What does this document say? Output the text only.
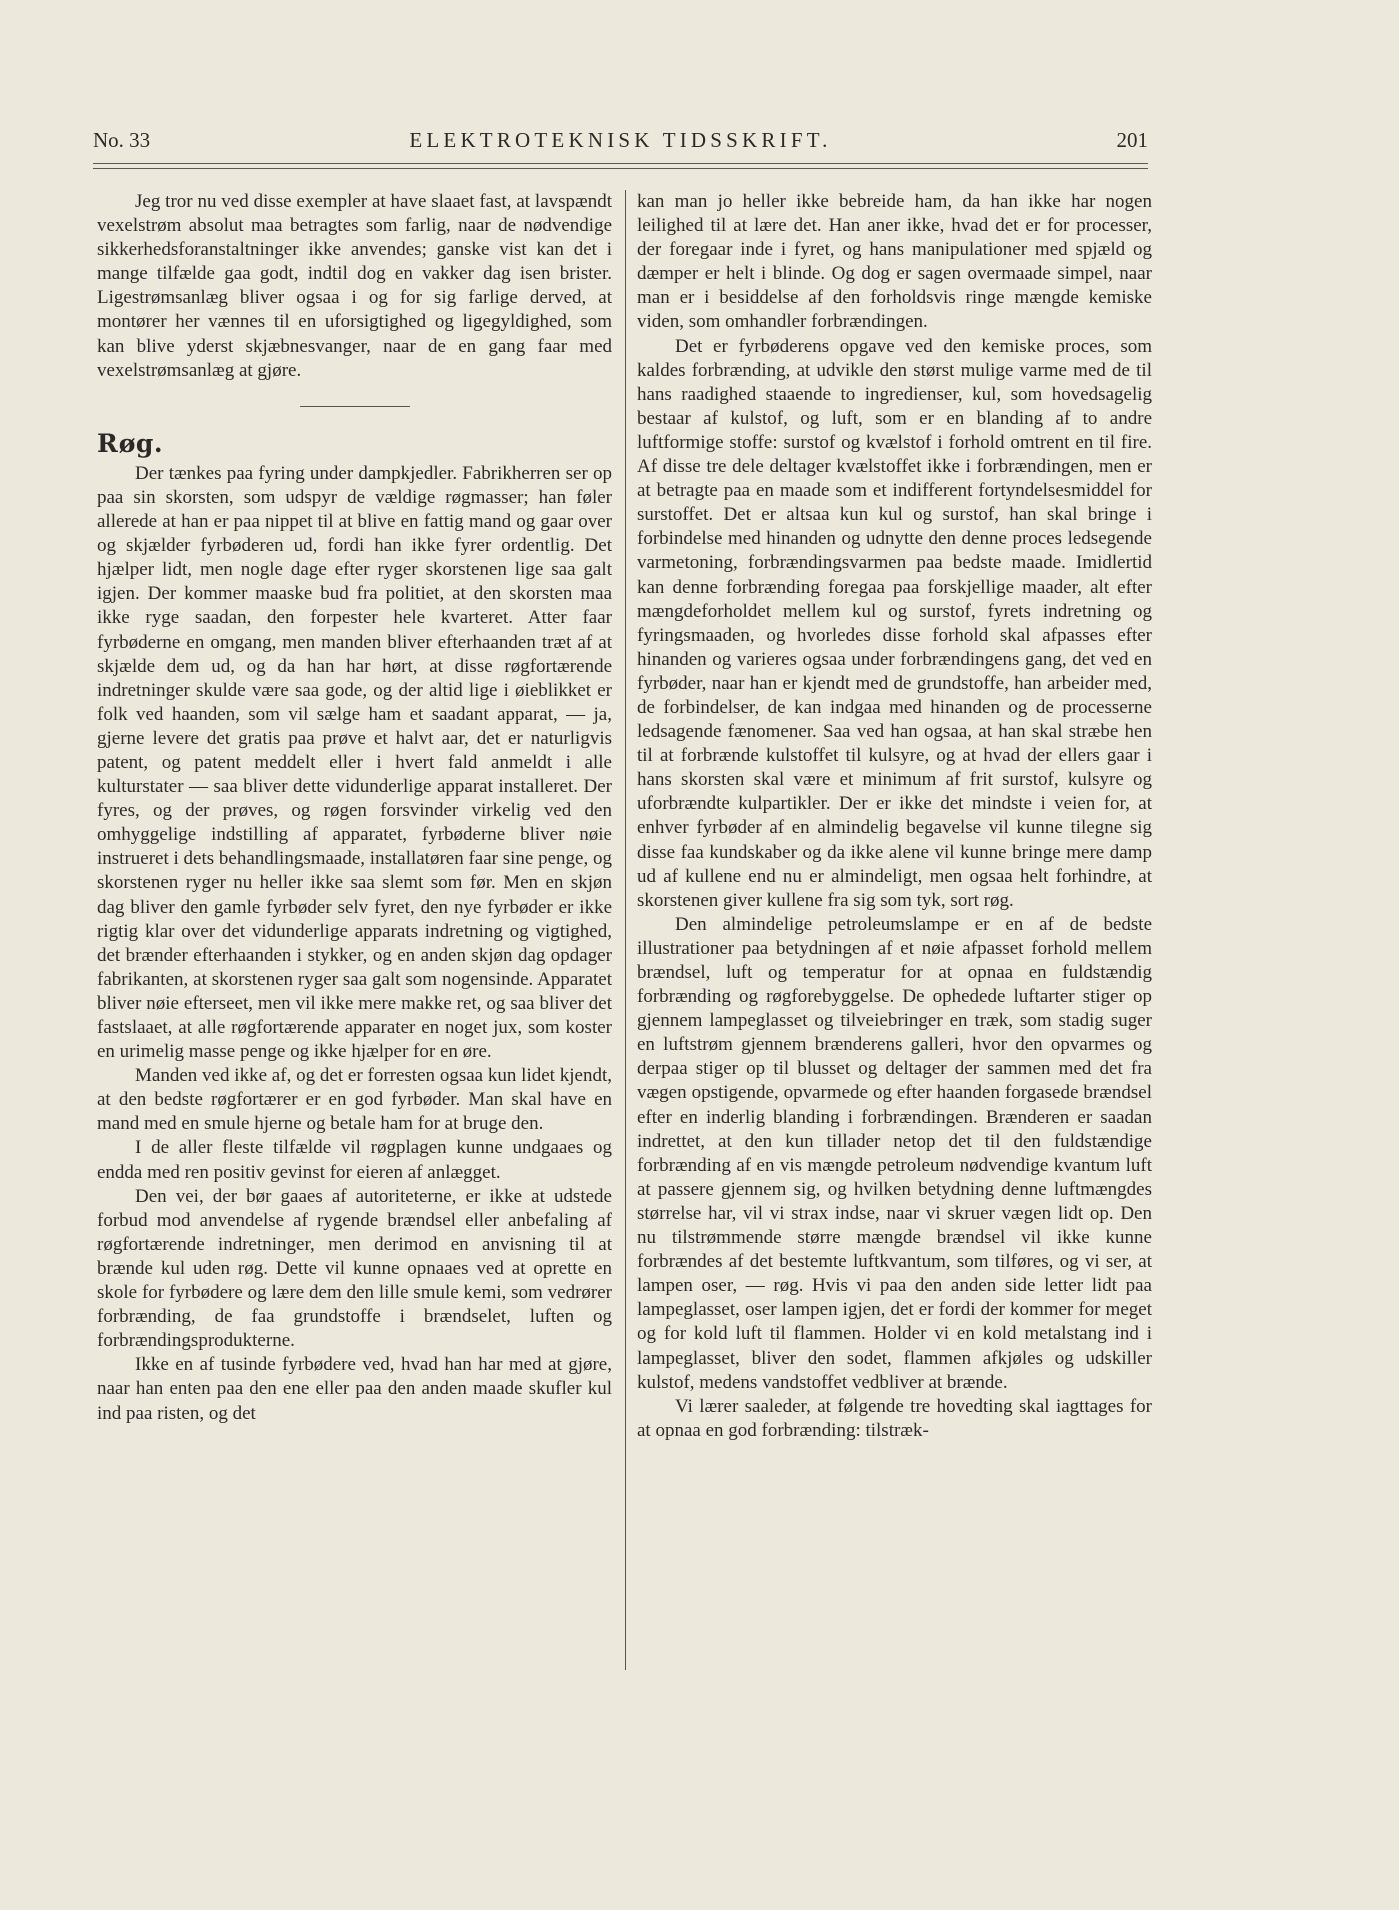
No. 33	ELEKTROTEKNISK TIDSSKRIFT.	201

Jeg tror nu ved disse exempler at have slaaet fast, at lavspændt vexelstrøm absolut maa betragtes som farlig, naar de nødvendige sikkerhedsforanstaltninger ikke anvendes; ganske vist kan det i mange tilfælde gaa godt, indtil dog en vakker dag isen brister. Ligestrømsanlæg bliver ogsaa i og for sig farlige derved, at montører her vænnes til en uforsigtighed og ligegyldighed, som kan blive yderst skjæbnesvanger, naar de en gang faar med vexelstrømsanlæg at gjøre.

Røg.

Der tænkes paa fyring under dampkjedler. Fabrikherren ser op paa sin skorsten, som udspyr de vældige røgmasser; han føler allerede at han er paa nippet til at blive en fattig mand og gaar over og skjælder fyrbøderen ud, fordi han ikke fyrer ordentlig. Det hjælper lidt, men nogle dage efter ryger skorstenen lige saa galt igjen. Der kommer maaske bud fra politiet, at den skorsten maa ikke ryge saadan, den forpester hele kvarteret. Atter faar fyrbøderne en omgang, men manden bliver efterhaanden træt af at skjælde dem ud, og da han har hørt, at disse røgfortærende indretninger skulde være saa gode, og der altid lige i øieblikket er folk ved haanden, som vil sælge ham et saadant apparat, — ja, gjerne levere det gratis paa prøve et halvt aar, det er naturligvis patent, og patent meddelt eller i hvert fald anmeldt i alle kulturstater — saa bliver dette vidunderlige apparat installeret. Der fyres, og der prøves, og røgen forsvinder virkelig ved den omhyggelige indstilling af apparatet, fyrbøderne bliver nøie instrueret i dets behandlingsmaade, installatøren faar sine penge, og skorstenen ryger nu heller ikke saa slemt som før. Men en skjøn dag bliver den gamle fyrbøder selv fyret, den nye fyrbøder er ikke rigtig klar over det vidunderlige apparats indretning og vigtighed, det brænder efterhaanden i stykker, og en anden skjøn dag opdager fabrikanten, at skorstenen ryger saa galt som nogensinde. Apparatet bliver nøie efterseet, men vil ikke mere makke ret, og saa bliver det fastslaaet, at alle røgfortærende apparater en noget jux, som koster en urimelig masse penge og ikke hjælper for en øre.

Manden ved ikke af, og det er forresten ogsaa kun lidet kjendt, at den bedste røgfortærer er en god fyrbøder. Man skal have en mand med en smule hjerne og betale ham for at bruge den.

I de aller fleste tilfælde vil røgplagen kunne undgaaes og endda med ren positiv gevinst for eieren af anlægget.

Den vei, der bør gaaes af autoriteterne, er ikke at udstede forbud mod anvendelse af rygende brændsel eller anbefaling af røgfortærende indretninger, men derimod en anvisning til at brænde kul uden røg. Dette vil kunne opnaaes ved at oprette en skole for fyrbødere og lære dem den lille smule kemi, som vedrører forbrænding, de faa grundstoffe i brændselet, luften og forbrændingsprodukterne.

Ikke en af tusinde fyrbødere ved, hvad han har med at gjøre, naar han enten paa den ene eller paa den anden maade skufler kul ind paa risten, og det

kan man jo heller ikke bebreide ham, da han ikke har nogen leilighed til at lære det. Han aner ikke, hvad det er for processer, der foregaar inde i fyret, og hans manipulationer med spjæld og dæmper er helt i blinde. Og dog er sagen overmaade simpel, naar man er i besiddelse af den forholdsvis ringe mængde kemiske viden, som omhandler forbrændingen.

Det er fyrbøderens opgave ved den kemiske proces, som kaldes forbrænding, at udvikle den størst mulige varme med de til hans raadighed staaende to ingredienser, kul, som hovedsagelig bestaar af kulstof, og luft, som er en blanding af to andre luftformige stoffe: surstof og kvælstof i forhold omtrent en til fire. Af disse tre dele deltager kvælstoffet ikke i forbrændingen, men er at betragte paa en maade som et indifferent fortyndelsesmiddel for surstoffet. Det er altsaa kun kul og surstof, han skal bringe i forbindelse med hinanden og udnytte den denne proces ledsegende varmetoning, forbrændingsvarmen paa bedste maade. Imidlertid kan denne forbrænding foregaa paa forskjellige maader, alt efter mængdeforholdet mellem kul og surstof, fyrets indretning og fyringsmaaden, og hvorledes disse forhold skal afpasses efter hinanden og varieres ogsaa under forbrændingens gang, det ved en fyrbøder, naar han er kjendt med de grundstoffe, han arbeider med, de forbindelser, de kan indgaa med hinanden og de processerne ledsagende fænomener. Saa ved han ogsaa, at han skal stræbe hen til at forbrænde kulstoffet til kulsyre, og at hvad der ellers gaar i hans skorsten skal være et minimum af frit surstof, kulsyre og uforbrændte kulpartikler. Der er ikke det mindste i veien for, at enhver fyrbøder af en almindelig begavelse vil kunne tilegne sig disse faa kundskaber og da ikke alene vil kunne bringe mere damp ud af kullene end nu er almindeligt, men ogsaa helt forhindre, at skorstenen giver kullene fra sig som tyk, sort røg.

Den almindelige petroleumslampe er en af de bedste illustrationer paa betydningen af et nøie afpasset forhold mellem brændsel, luft og temperatur for at opnaa en fuldstændig forbrænding og røgforebyggelse. De ophedede luftarter stiger op gjennem lampeglasset og tilveiebringer en træk, som stadig suger en luftstrøm gjennem brænderens galleri, hvor den opvarmes og derpaa stiger op til blusset og deltager der sammen med det fra vægen opstigende, opvarmede og efter haanden forgasede brændsel efter en inderlig blanding i forbrændingen. Brænderen er saadan indrettet, at den kun tillader netop det til den fuldstændige forbrænding af en vis mængde petroleum nødvendige kvantum luft at passere gjennem sig, og hvilken betydning denne luftmængdes størrelse har, vil vi strax indse, naar vi skruer vægen lidt op. Den nu tilstrømmende større mængde brændsel vil ikke kunne forbrændes af det bestemte luftkvantum, som tilføres, og vi ser, at lampen oser, — røg. Hvis vi paa den anden side letter lidt paa lampeglasset, oser lampen igjen, det er fordi der kommer for meget og for kold luft til flammen. Holder vi en kold metalstang ind i lampeglasset, bliver den sodet, flammen afkjøles og udskiller kulstof, medens vandstoffet vedbliver at brænde.

Vi lærer saaleder, at følgende tre hovedting skal iagttages for at opnaa en god forbrænding: tilstræk-
